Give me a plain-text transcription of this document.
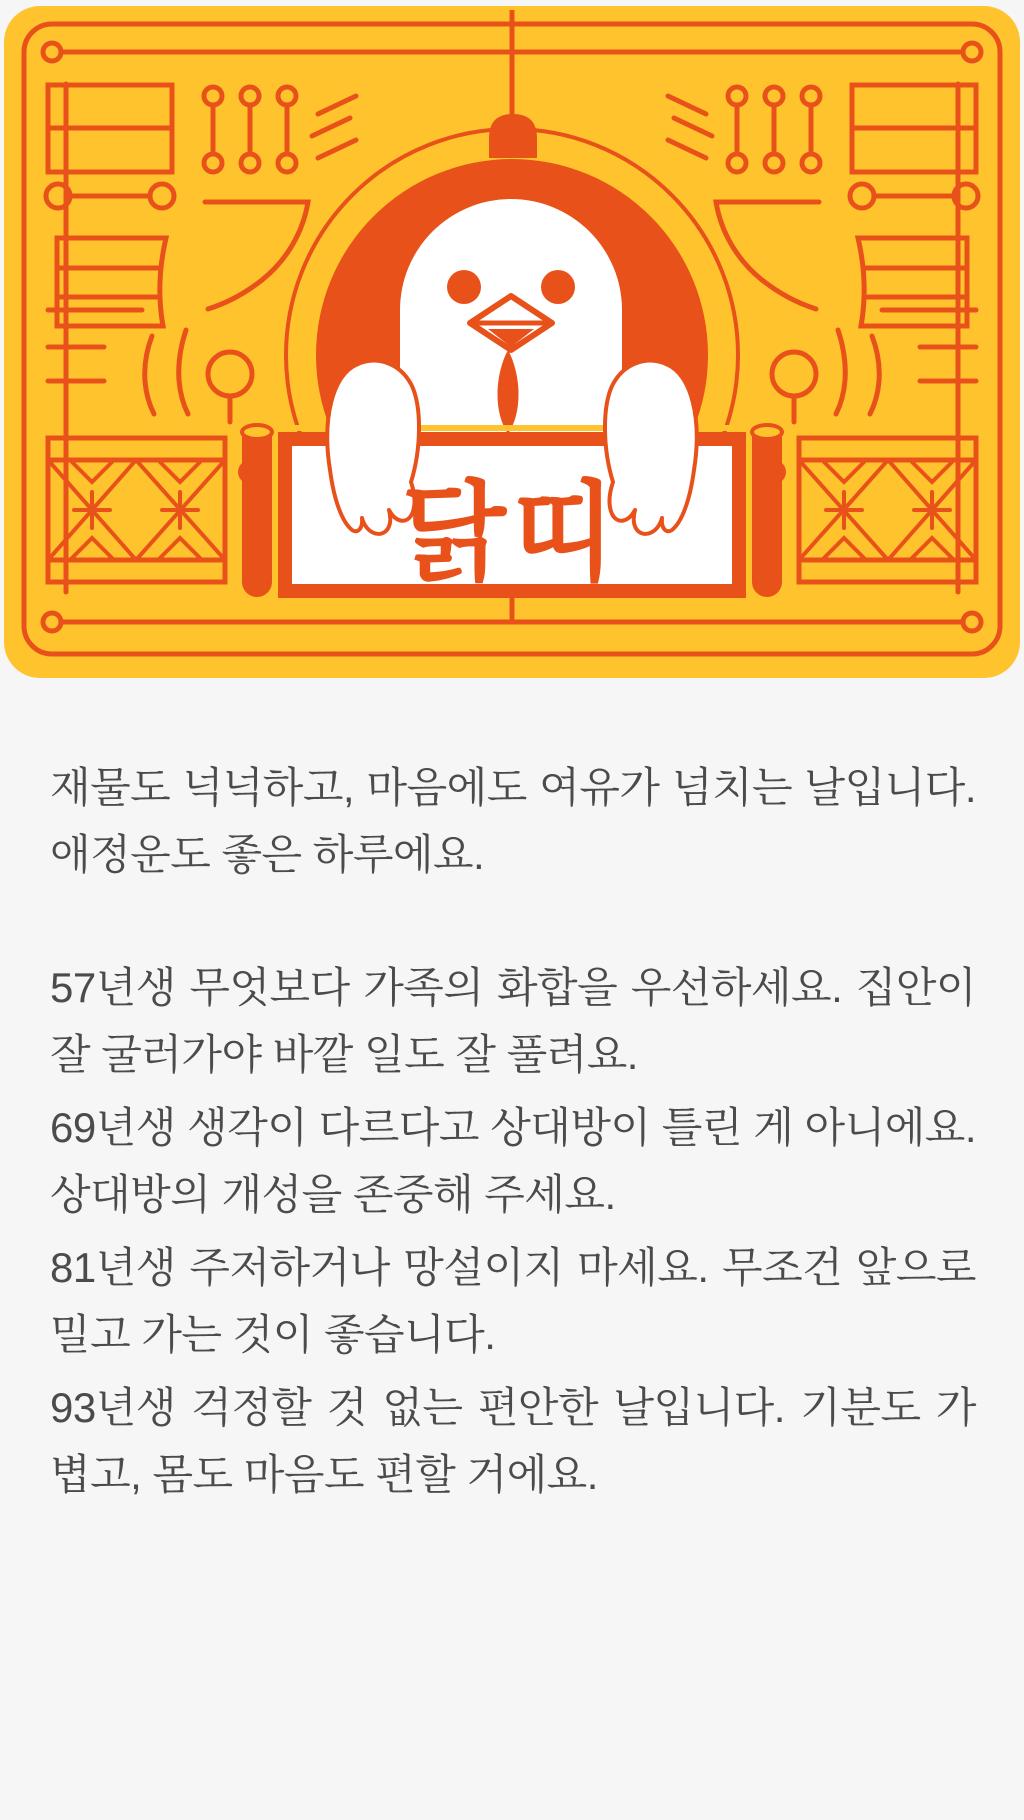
닭띠

재물도 넉넉하고, 마음에도 여유가 넘치는 날입니다. 애정운도 좋은 하루에요.

57년생 무엇보다 가족의 화합을 우선하세요. 집안이 잘 굴러가야 바깥 일도 잘 풀려요.

69년생 생각이 다르다고 상대방이 틀린 게 아니에요. 상대방의 개성을 존중해 주세요.

81년생 주저하거나 망설이지 마세요. 무조건 앞으로 밀고 가는 것이 좋습니다.

93년생 걱정할 것 없는 편안한 날입니다. 기분도 가볍고, 몸도 마음도 편할 거에요.
